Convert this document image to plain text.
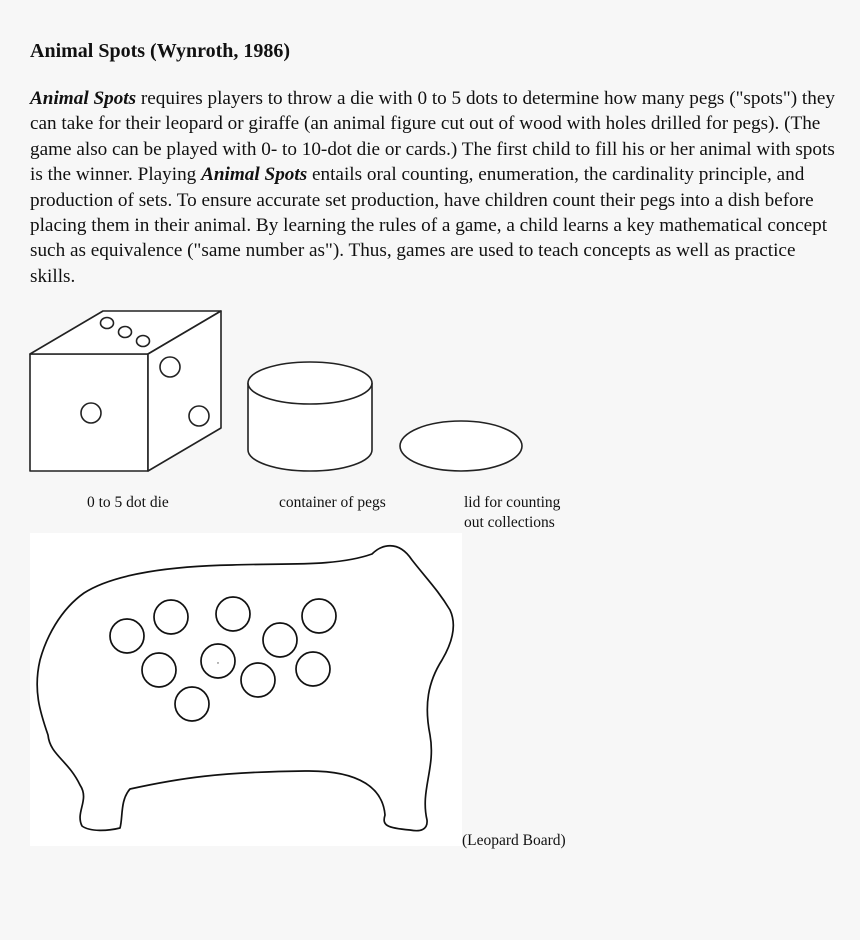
Animal Spots (Wynroth, 1986)

Animal Spots requires players to throw a die with 0 to 5 dots to determine how many pegs ("spots") they can take for their leopard or giraffe (an animal figure cut out of wood with holes drilled for pegs). (The game also can be played with 0- to 10-dot die or cards.) The first child to fill his or her animal with spots is the winner. Playing Animal Spots entails oral counting, enumeration, the cardinality principle, and production of sets. To ensure accurate set production, have children count their pegs into a dish before placing them in their animal. By learning the rules of a game, a child learns a key mathematical concept such as equivalence ("same number as"). Thus, games are used to teach concepts as well as practice skills.

0 to 5 dot die	container of pegs	lid for counting
out collections
(Leopard Board)
